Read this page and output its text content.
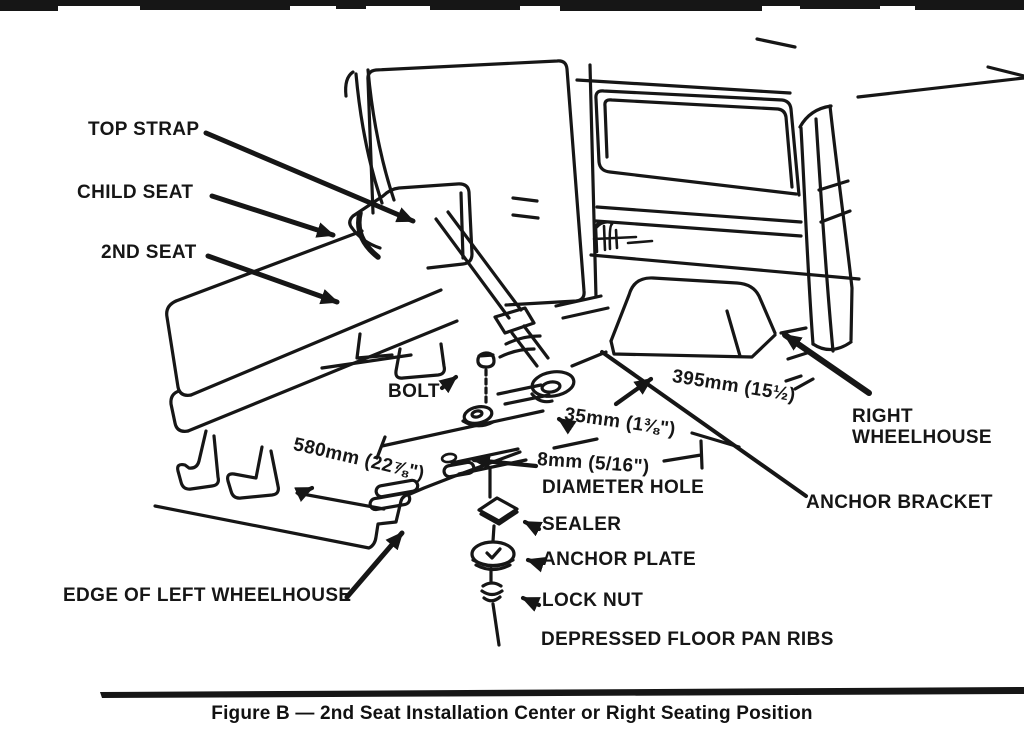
TOP STRAP
CHILD SEAT
2ND SEAT
BOLT
580mm (22⅞")
35mm (1⅜")
8mm (5/16")
DIAMETER HOLE
395mm (15½)
RIGHT WHEELHOUSE
ANCHOR BRACKET
EDGE OF LEFT WHEELHOUSE
SEALER
ANCHOR PLATE
LOCK NUT
DEPRESSED FLOOR PAN RIBS
Figure B — 2nd Seat Installation Center or Right Seating Position
